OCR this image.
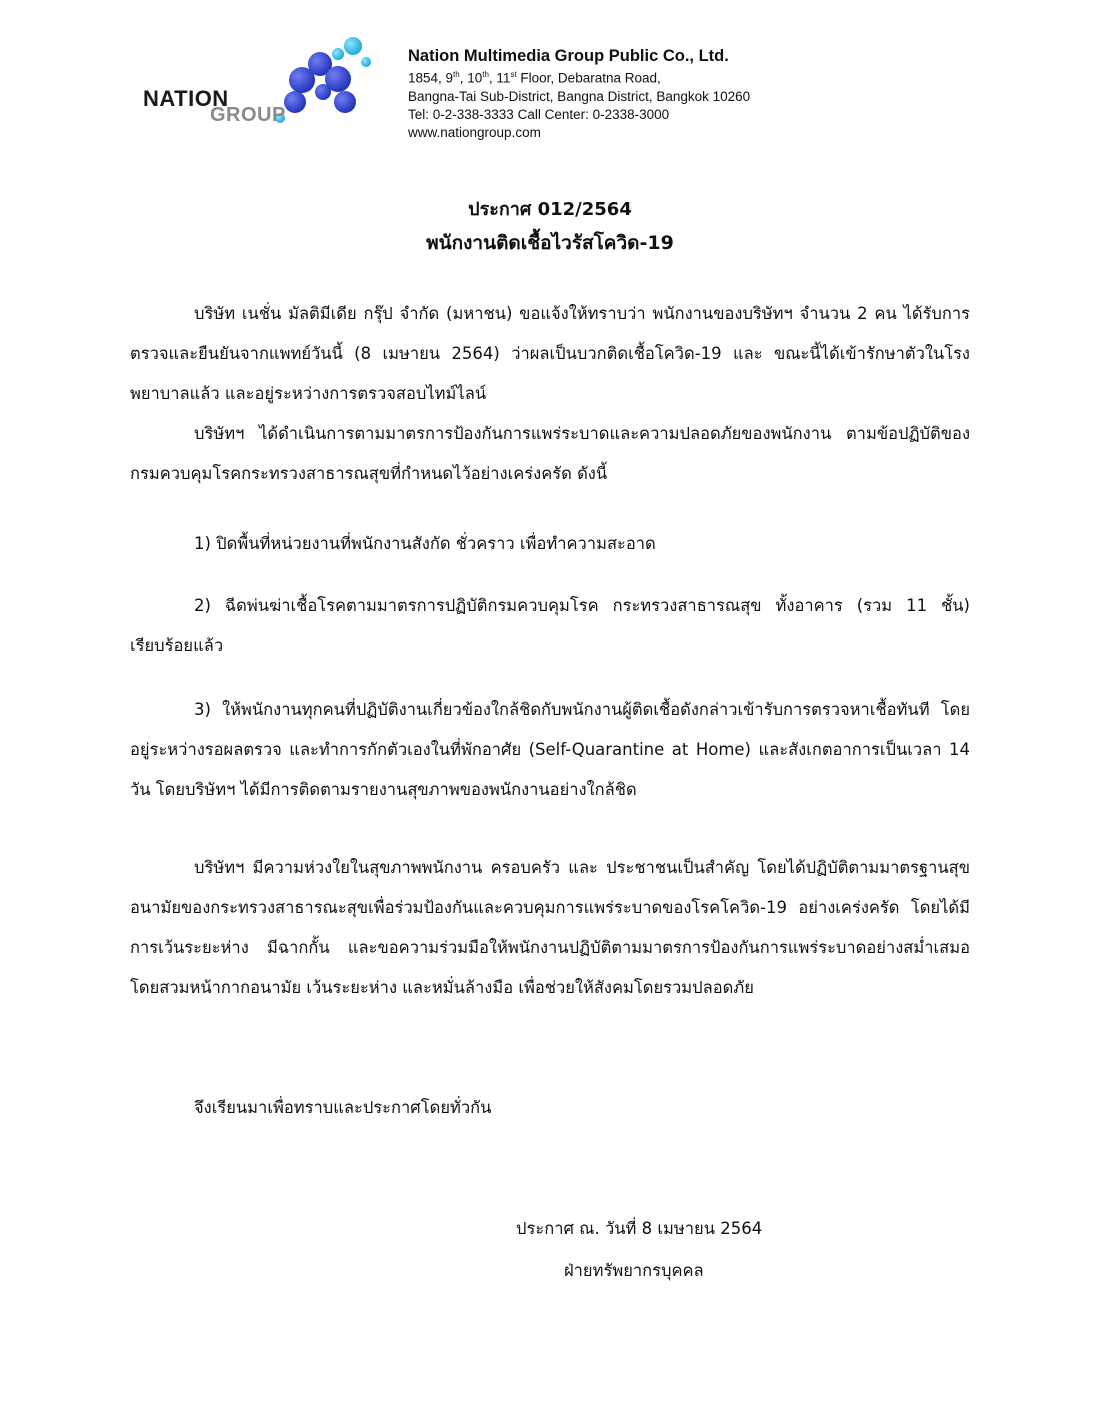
NATION
GROUP
Nation Multimedia Group Public Co., Ltd.
1854, 9th, 10th, 11st Floor, Debaratna Road,
Bangna-Tai Sub-District, Bangna District, Bangkok 10260
Tel: 0-2-338-3333 Call Center: 0-2338-3000
www.nationgroup.com
ประกาศ 012/2564
พนักงานติดเชื้อไวรัสโควิด-19
บริษัท เนชั่น มัลติมีเดีย กรุ๊ป จำกัด (มหาชน) ขอแจ้งให้ทราบว่า พนักงานของบริษัทฯ จำนวน 2 คน ได้รับการตรวจและยืนยันจากแพทย์วันนี้ (8 เมษายน 2564) ว่าผลเป็นบวกติดเชื้อโควิด-19 และ ขณะนี้ได้เข้ารักษาตัวในโรงพยาบาลแล้ว และอยู่ระหว่างการตรวจสอบไทม์ไลน์
บริษัทฯ ได้ดำเนินการตามมาตรการป้องกันการแพร่ระบาดและความปลอดภัยของพนักงาน ตามข้อปฏิบัติของกรมควบคุมโรคกระทรวงสาธารณสุขที่กำหนดไว้อย่างเคร่งครัด ดังนี้
1) ปิดพื้นที่หน่วยงานที่พนักงานสังกัด ชั่วคราว เพื่อทำความสะอาด
2) ฉีดพ่นฆ่าเชื้อโรคตามมาตรการปฏิบัติกรมควบคุมโรค กระทรวงสาธารณสุข ทั้งอาคาร (รวม 11 ชั้น) เรียบร้อยแล้ว
3) ให้พนักงานทุกคนที่ปฏิบัติงานเกี่ยวข้องใกล้ชิดกับพนักงานผู้ติดเชื้อดังกล่าวเข้ารับการตรวจหาเชื้อทันที โดยอยู่ระหว่างรอผลตรวจ และทำการกักตัวเองในที่พักอาศัย (Self-Quarantine at Home) และสังเกตอาการเป็นเวลา 14 วัน โดยบริษัทฯ ได้มีการติดตามรายงานสุขภาพของพนักงานอย่างใกล้ชิด
บริษัทฯ มีความห่วงใยในสุขภาพพนักงาน ครอบครัว และ ประชาชนเป็นสำคัญ โดยได้ปฏิบัติตามมาตรฐานสุขอนามัยของกระทรวงสาธารณะสุขเพื่อร่วมป้องกันและควบคุมการแพร่ระบาดของโรคโควิด-19 อย่างเคร่งครัด โดยได้มีการเว้นระยะห่าง มีฉากกั้น และขอความร่วมมือให้พนักงานปฏิบัติตามมาตรการป้องกันการแพร่ระบาดอย่างสม่ำเสมอ โดยสวมหน้ากากอนามัย เว้นระยะห่าง และหมั่นล้างมือ เพื่อช่วยให้สังคมโดยรวมปลอดภัย
จึงเรียนมาเพื่อทราบและประกาศโดยทั่วกัน
ประกาศ ณ. วันที่ 8 เมษายน 2564
ฝ่ายทรัพยากรบุคคล
